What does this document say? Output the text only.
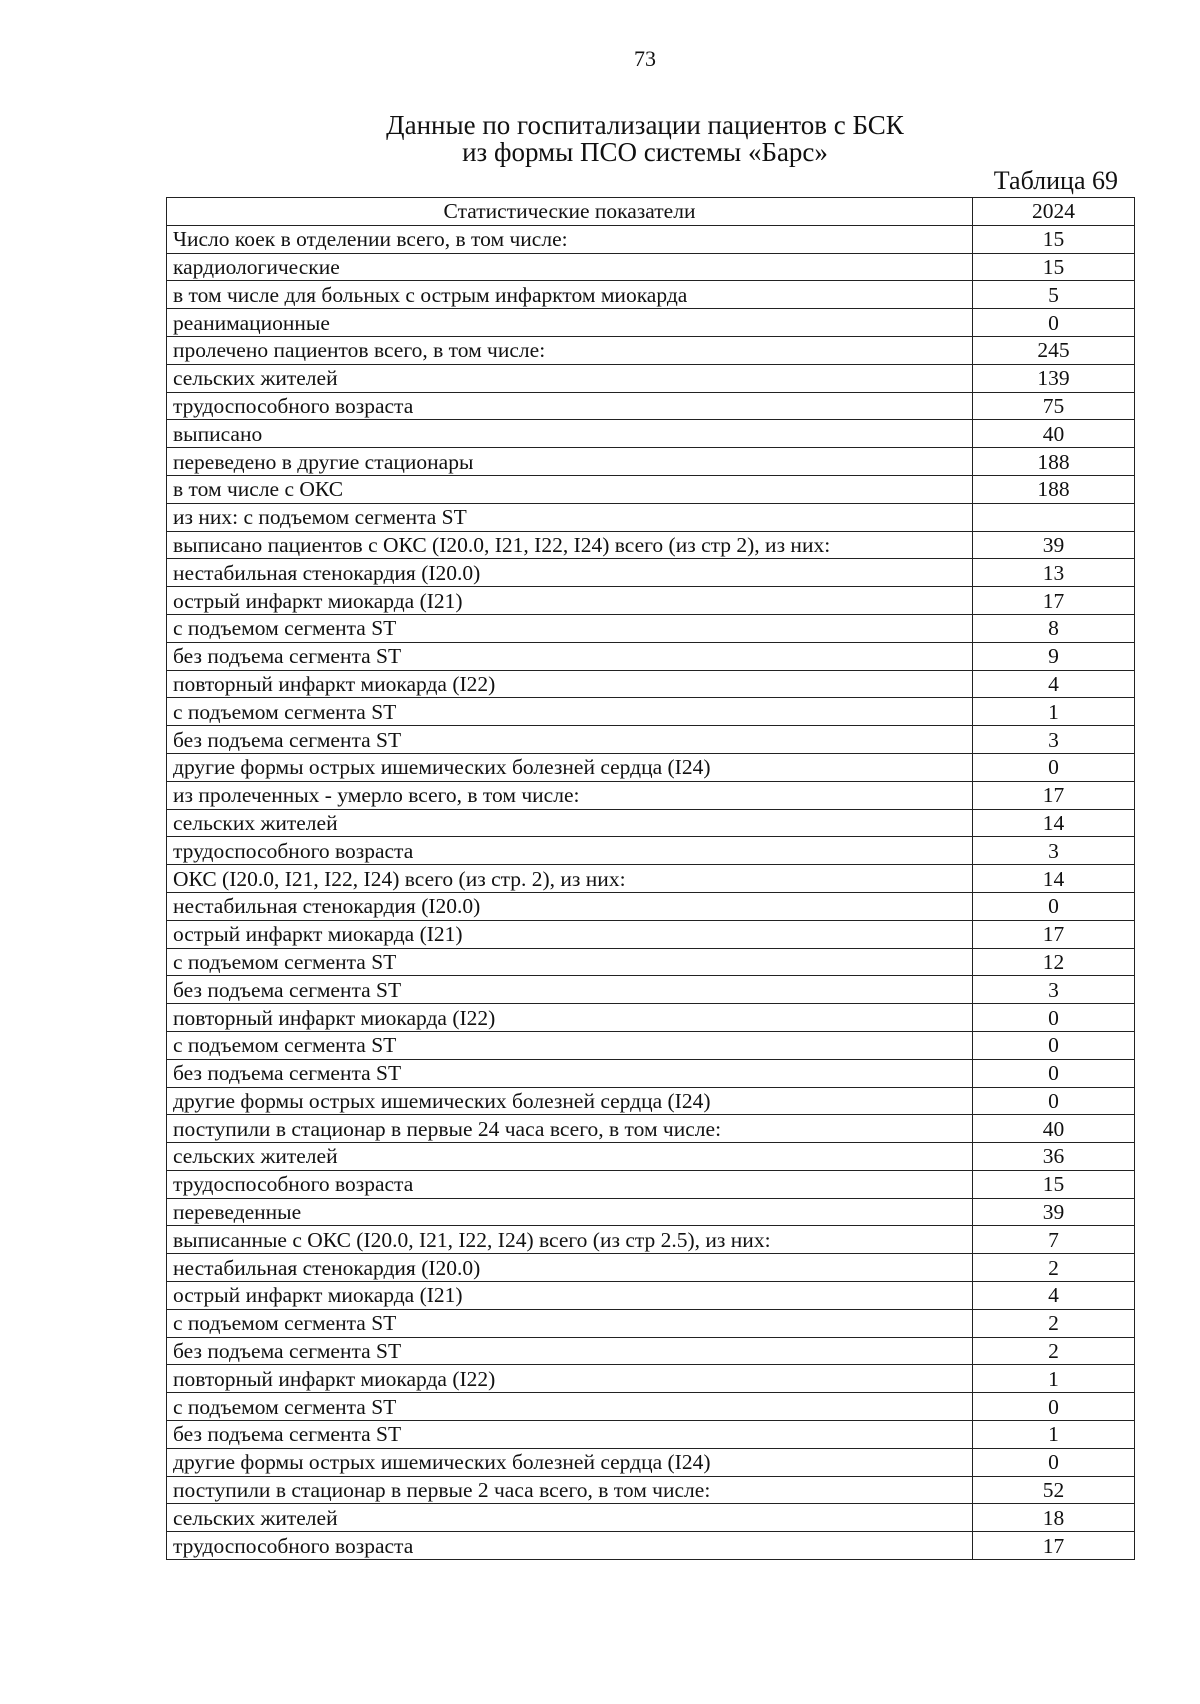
73
Данные по госпитализации пациентов с БСК
из формы ПСО системы «Барс»
Таблица 69
Статистические показатели	2024
Число коек в отделении всего, в том числе:	15
кардиологические	15
в том числе для больных с острым инфарктом миокарда	5
реанимационные	0
пролечено пациентов всего, в том числе:	245
сельских жителей	139
трудоспособного возраста	75
выписано	40
переведено в другие стационары	188
в том числе с ОКС	188
из них: с подъемом сегмента ST	
выписано пациентов с ОКС (I20.0, I21, I22, I24) всего (из стр 2), из них:	39
нестабильная стенокардия (I20.0)	13
острый инфаркт миокарда (I21)	17
с подъемом сегмента ST	8
без подъема сегмента ST	9
повторный инфаркт миокарда (I22)	4
с подъемом сегмента ST	1
без подъема сегмента ST	3
другие формы острых ишемических болезней сердца (I24)	0
из пролеченных - умерло всего, в том числе:	17
сельских жителей	14
трудоспособного возраста	3
ОКС (I20.0, I21, I22, I24) всего (из стр. 2), из них:	14
нестабильная стенокардия (I20.0)	0
острый инфаркт миокарда (I21)	17
с подъемом сегмента ST	12
без подъема сегмента ST	3
повторный инфаркт миокарда (I22)	0
с подъемом сегмента ST	0
без подъема сегмента ST	0
другие формы острых ишемических болезней сердца (I24)	0
поступили в стационар в первые 24 часа всего, в том числе:	40
сельских жителей	36
трудоспособного возраста	15
переведенные	39
выписанные с ОКС (I20.0, I21, I22, I24) всего (из стр 2.5), из них:	7
нестабильная стенокардия (I20.0)	2
острый инфаркт миокарда (I21)	4
с подъемом сегмента ST	2
без подъема сегмента ST	2
повторный инфаркт миокарда (I22)	1
с подъемом сегмента ST	0
без подъема сегмента ST	1
другие формы острых ишемических болезней сердца (I24)	0
поступили в стационар в первые 2 часа всего, в том числе:	52
сельских жителей	18
трудоспособного возраста	17
